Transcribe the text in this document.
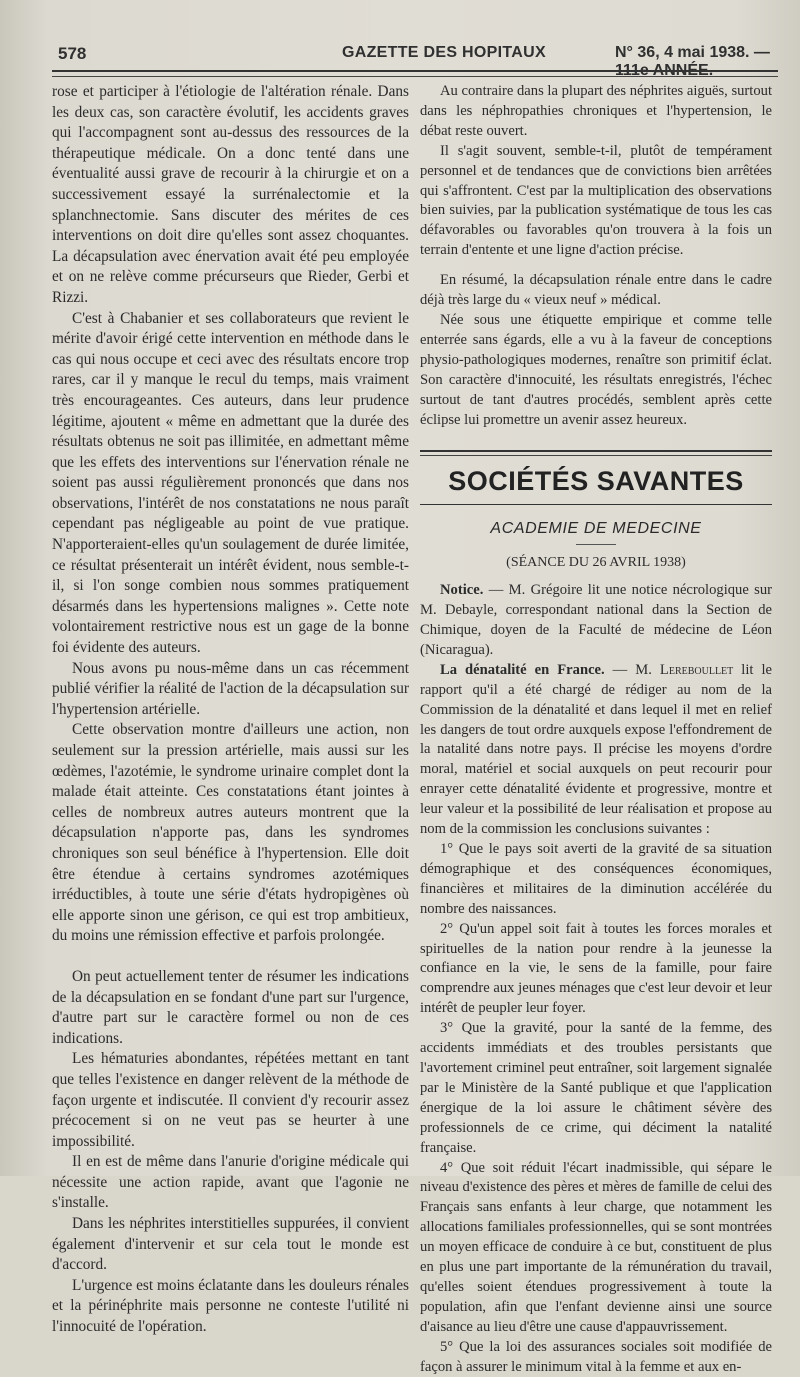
578	GAZETTE DES HOPITAUX	N° 36, 4 mai 1938. — 111e ANNÉE.

rose et participer à l'étiologie de l'altération rénale. Dans les deux cas, son caractère évolutif, les accidents graves qui l'accompagnent sont au-dessus des ressources de la thérapeutique médicale. On a donc tenté dans une éventualité aussi grave de recourir à la chirurgie et on a successivement essayé la surrénalectomie et la splanchnectomie. Sans discuter des mérites de ces interventions on doit dire qu'elles sont assez choquantes. La décapsulation avec énervation avait été peu employée et on ne relève comme précurseurs que Rieder, Gerbi et Rizzi.

C'est à Chabanier et ses collaborateurs que revient le mérite d'avoir érigé cette intervention en méthode dans le cas qui nous occupe et ceci avec des résultats encore trop rares, car il y manque le recul du temps, mais vraiment très encourageantes. Ces auteurs, dans leur prudence légitime, ajoutent « même en admettant que la durée des résultats obtenus ne soit pas illimitée, en admettant même que les effets des interventions sur l'énervation rénale ne soient pas aussi régulièrement prononcés que dans nos observations, l'intérêt de nos constatations ne nous paraît cependant pas négligeable au point de vue pratique. N'apporteraient-elles qu'un soulagement de durée limitée, ce résultat présenterait un intérêt évident, nous semble-t-il, si l'on songe combien nous sommes pratiquement désarmés dans les hypertensions malignes ». Cette note volontairement restrictive nous est un gage de la bonne foi évidente des auteurs.

Nous avons pu nous-même dans un cas récemment publié vérifier la réalité de l'action de la décapsulation sur l'hypertension artérielle.

Cette observation montre d'ailleurs une action, non seulement sur la pression artérielle, mais aussi sur les œdèmes, l'azotémie, le syndrome urinaire complet dont la malade était atteinte. Ces constatations étant jointes à celles de nombreux autres auteurs montrent que la décapsulation n'apporte pas, dans les syndromes chroniques son seul bénéfice à l'hypertension. Elle doit être étendue à certains syndromes azotémiques irréductibles, à toute une série d'états hydropigènes où elle apporte sinon une gérison, ce qui est trop ambitieux, du moins une rémission effective et parfois prolongée.

On peut actuellement tenter de résumer les indications de la décapsulation en se fondant d'une part sur l'urgence, d'autre part sur le caractère formel ou non de ces indications.

Les hématuries abondantes, répétées mettant en tant que telles l'existence en danger relèvent de la méthode de façon urgente et indiscutée. Il convient d'y recourir assez précocement si on ne veut pas se heurter à une impossibilité.

Il en est de même dans l'anurie d'origine médicale qui nécessite une action rapide, avant que l'agonie ne s'installe.

Dans les néphrites interstitielles suppurées, il convient également d'intervenir et sur cela tout le monde est d'accord.

L'urgence est moins éclatante dans les douleurs rénales et la périnéphrite mais personne ne conteste l'utilité ni l'innocuité de l'opération.

Au contraire dans la plupart des néphrites aiguës, surtout dans les néphropathies chroniques et l'hypertension, le débat reste ouvert.

Il s'agit souvent, semble-t-il, plutôt de tempérament personnel et de tendances que de convictions bien arrêtées qui s'affrontent. C'est par la multiplication des observations bien suivies, par la publication systématique de tous les cas défavorables ou favorables qu'on trouvera à la fois un terrain d'entente et une ligne d'action précise.

En résumé, la décapsulation rénale entre dans le cadre déjà très large du « vieux neuf » médical.

Née sous une étiquette empirique et comme telle enterrée sans égards, elle a vu à la faveur de conceptions physio-pathologiques modernes, renaître son primitif éclat. Son caractère d'innocuité, les résultats enregistrés, l'échec surtout de tant d'autres procédés, semblent après cette éclipse lui promettre un avenir assez heureux.

SOCIÉTÉS SAVANTES
ACADEMIE DE MEDECINE
(SÉANCE DU 26 AVRIL 1938)

Notice. — M. Grégoire lit une notice nécrologique sur M. Debayle, correspondant national dans la Section de Chimique, doyen de la Faculté de médecine de Léon (Nicaragua).

La dénatalité en France. — M. Lereboullet lit le rapport qu'il a été chargé de rédiger au nom de la Commission de la dénatalité et dans lequel il met en relief les dangers de tout ordre auxquels expose l'effondrement de la natalité dans notre pays. Il précise les moyens d'ordre moral, matériel et social auxquels on peut recourir pour enrayer cette dénatalité évidente et progressive, montre et leur valeur et la possibilité de leur réalisation et propose au nom de la commission les conclusions suivantes :

1° Que le pays soit averti de la gravité de sa situation démographique et des conséquences économiques, financières et militaires de la diminution accélérée du nombre des naissances.

2° Qu'un appel soit fait à toutes les forces morales et spirituelles de la nation pour rendre à la jeunesse la confiance en la vie, le sens de la famille, pour faire comprendre aux jeunes ménages que c'est leur devoir et leur intérêt de peupler leur foyer.

3° Que la gravité, pour la santé de la femme, des accidents immédiats et des troubles persistants que l'avortement criminel peut entraîner, soit largement signalée par le Ministère de la Santé publique et que l'application énergique de la loi assure le châtiment sévère des professionnels de ce crime, qui déciment la natalité française.

4° Que soit réduit l'écart inadmissible, qui sépare le niveau d'existence des pères et mères de famille de celui des Français sans enfants à leur charge, que notamment les allocations familiales professionnelles, qui se sont montrées un moyen efficace de conduire à ce but, constituent de plus en plus une part importante de la rémunération du travail, qu'elles soient étendues progressivement à toute la population, afin que l'enfant devienne ainsi une source d'aisance au lieu d'être une cause d'appauvrissement.

5° Que la loi des assurances sociales soit modifiée de façon à assurer le minimum vital à la femme et aux en-
